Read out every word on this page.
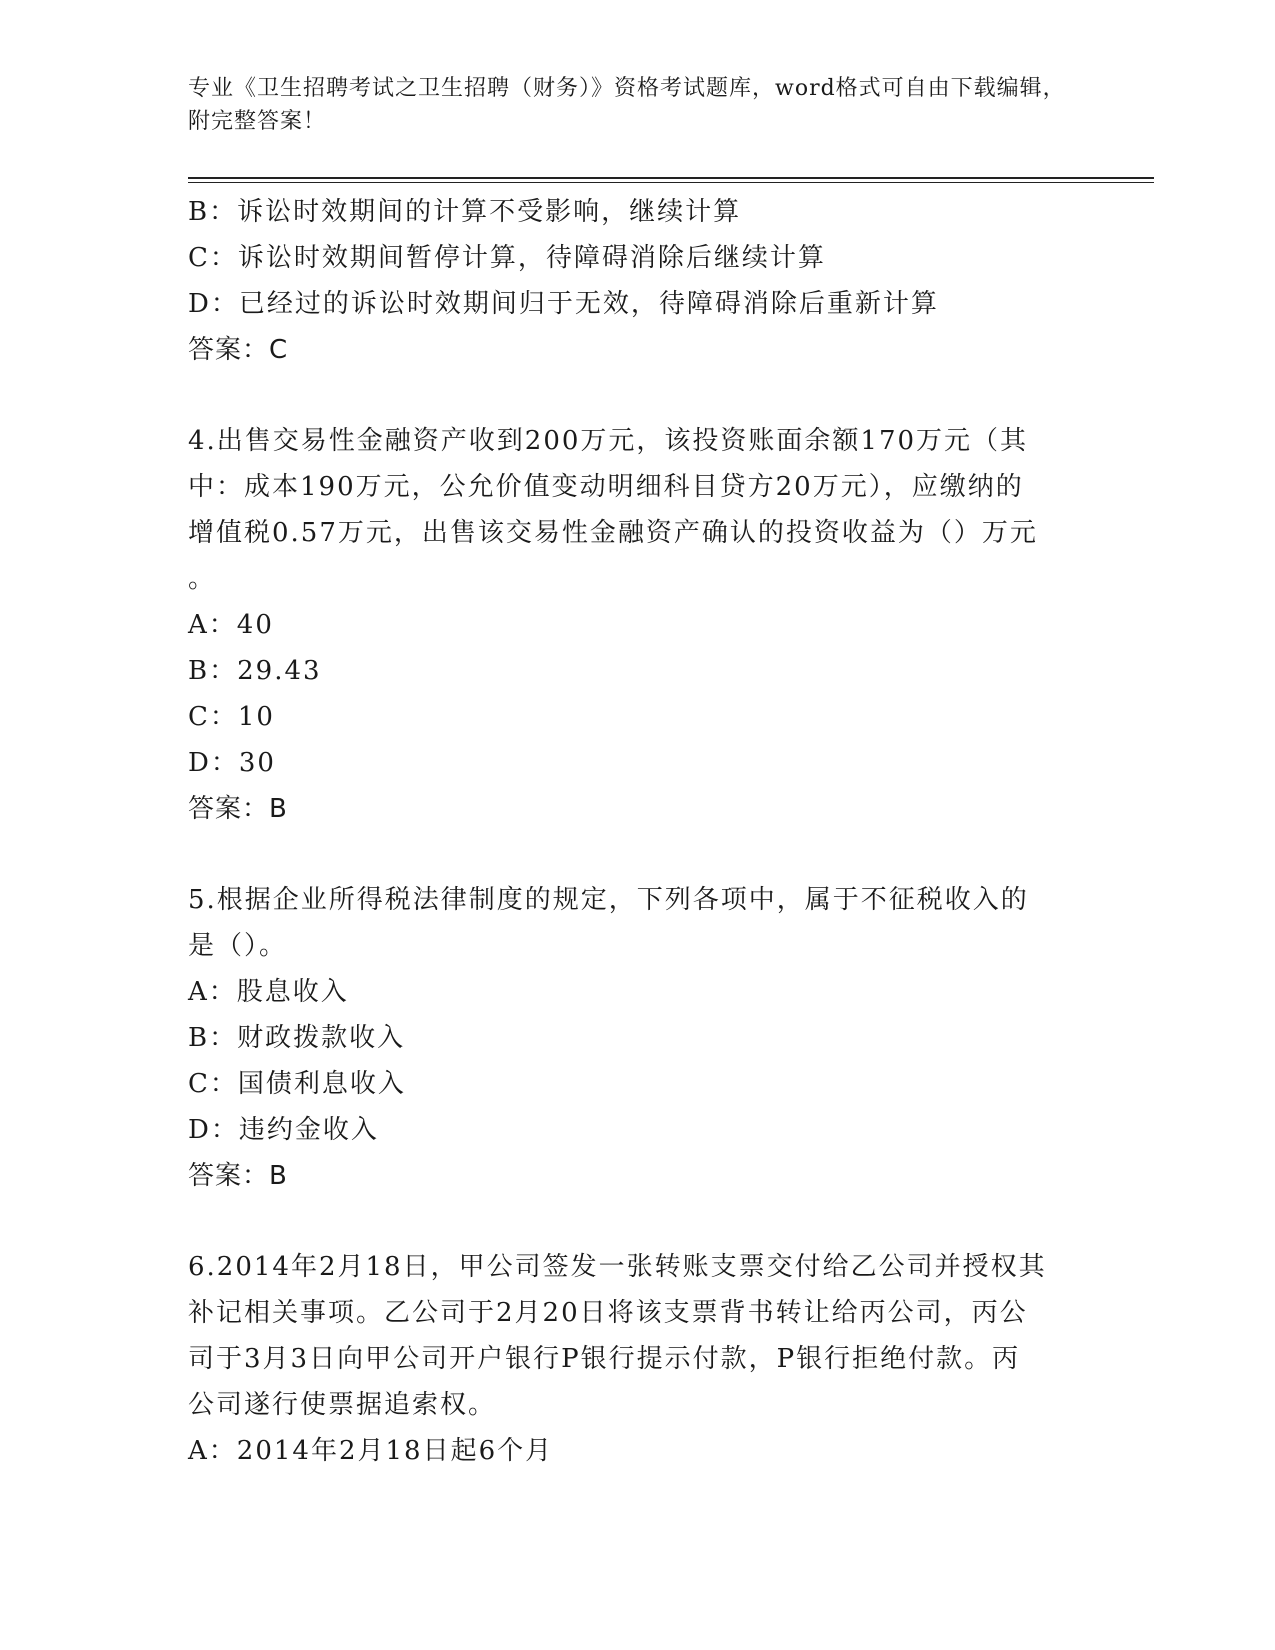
专业《卫生招聘考试之卫生招聘（财务）》资格考试题库，word格式可自由下载编辑，附完整答案！
B：诉讼时效期间的计算不受影响，继续计算
C：诉讼时效期间暂停计算，待障碍消除后继续计算
D：已经过的诉讼时效期间归于无效，待障碍消除后重新计算
答案：C
4.出售交易性金融资产收到200万元，该投资账面余额170万元（其
中：成本190万元，公允价值变动明细科目贷方20万元），应缴纳的
增值税0.57万元，出售该交易性金融资产确认的投资收益为（）万元
。
A：40
B：29.43
C：10
D：30
答案：B
5.根据企业所得税法律制度的规定，下列各项中，属于不征税收入的
是（）。
A：股息收入
B：财政拨款收入
C：国债利息收入
D：违约金收入
答案：B
6.2014年2月18日，甲公司签发一张转账支票交付给乙公司并授权其
补记相关事项。乙公司于2月20日将该支票背书转让给丙公司，丙公
司于3月3日向甲公司开户银行P银行提示付款，P银行拒绝付款。丙
公司遂行使票据追索权。
A：2014年2月18日起6个月
